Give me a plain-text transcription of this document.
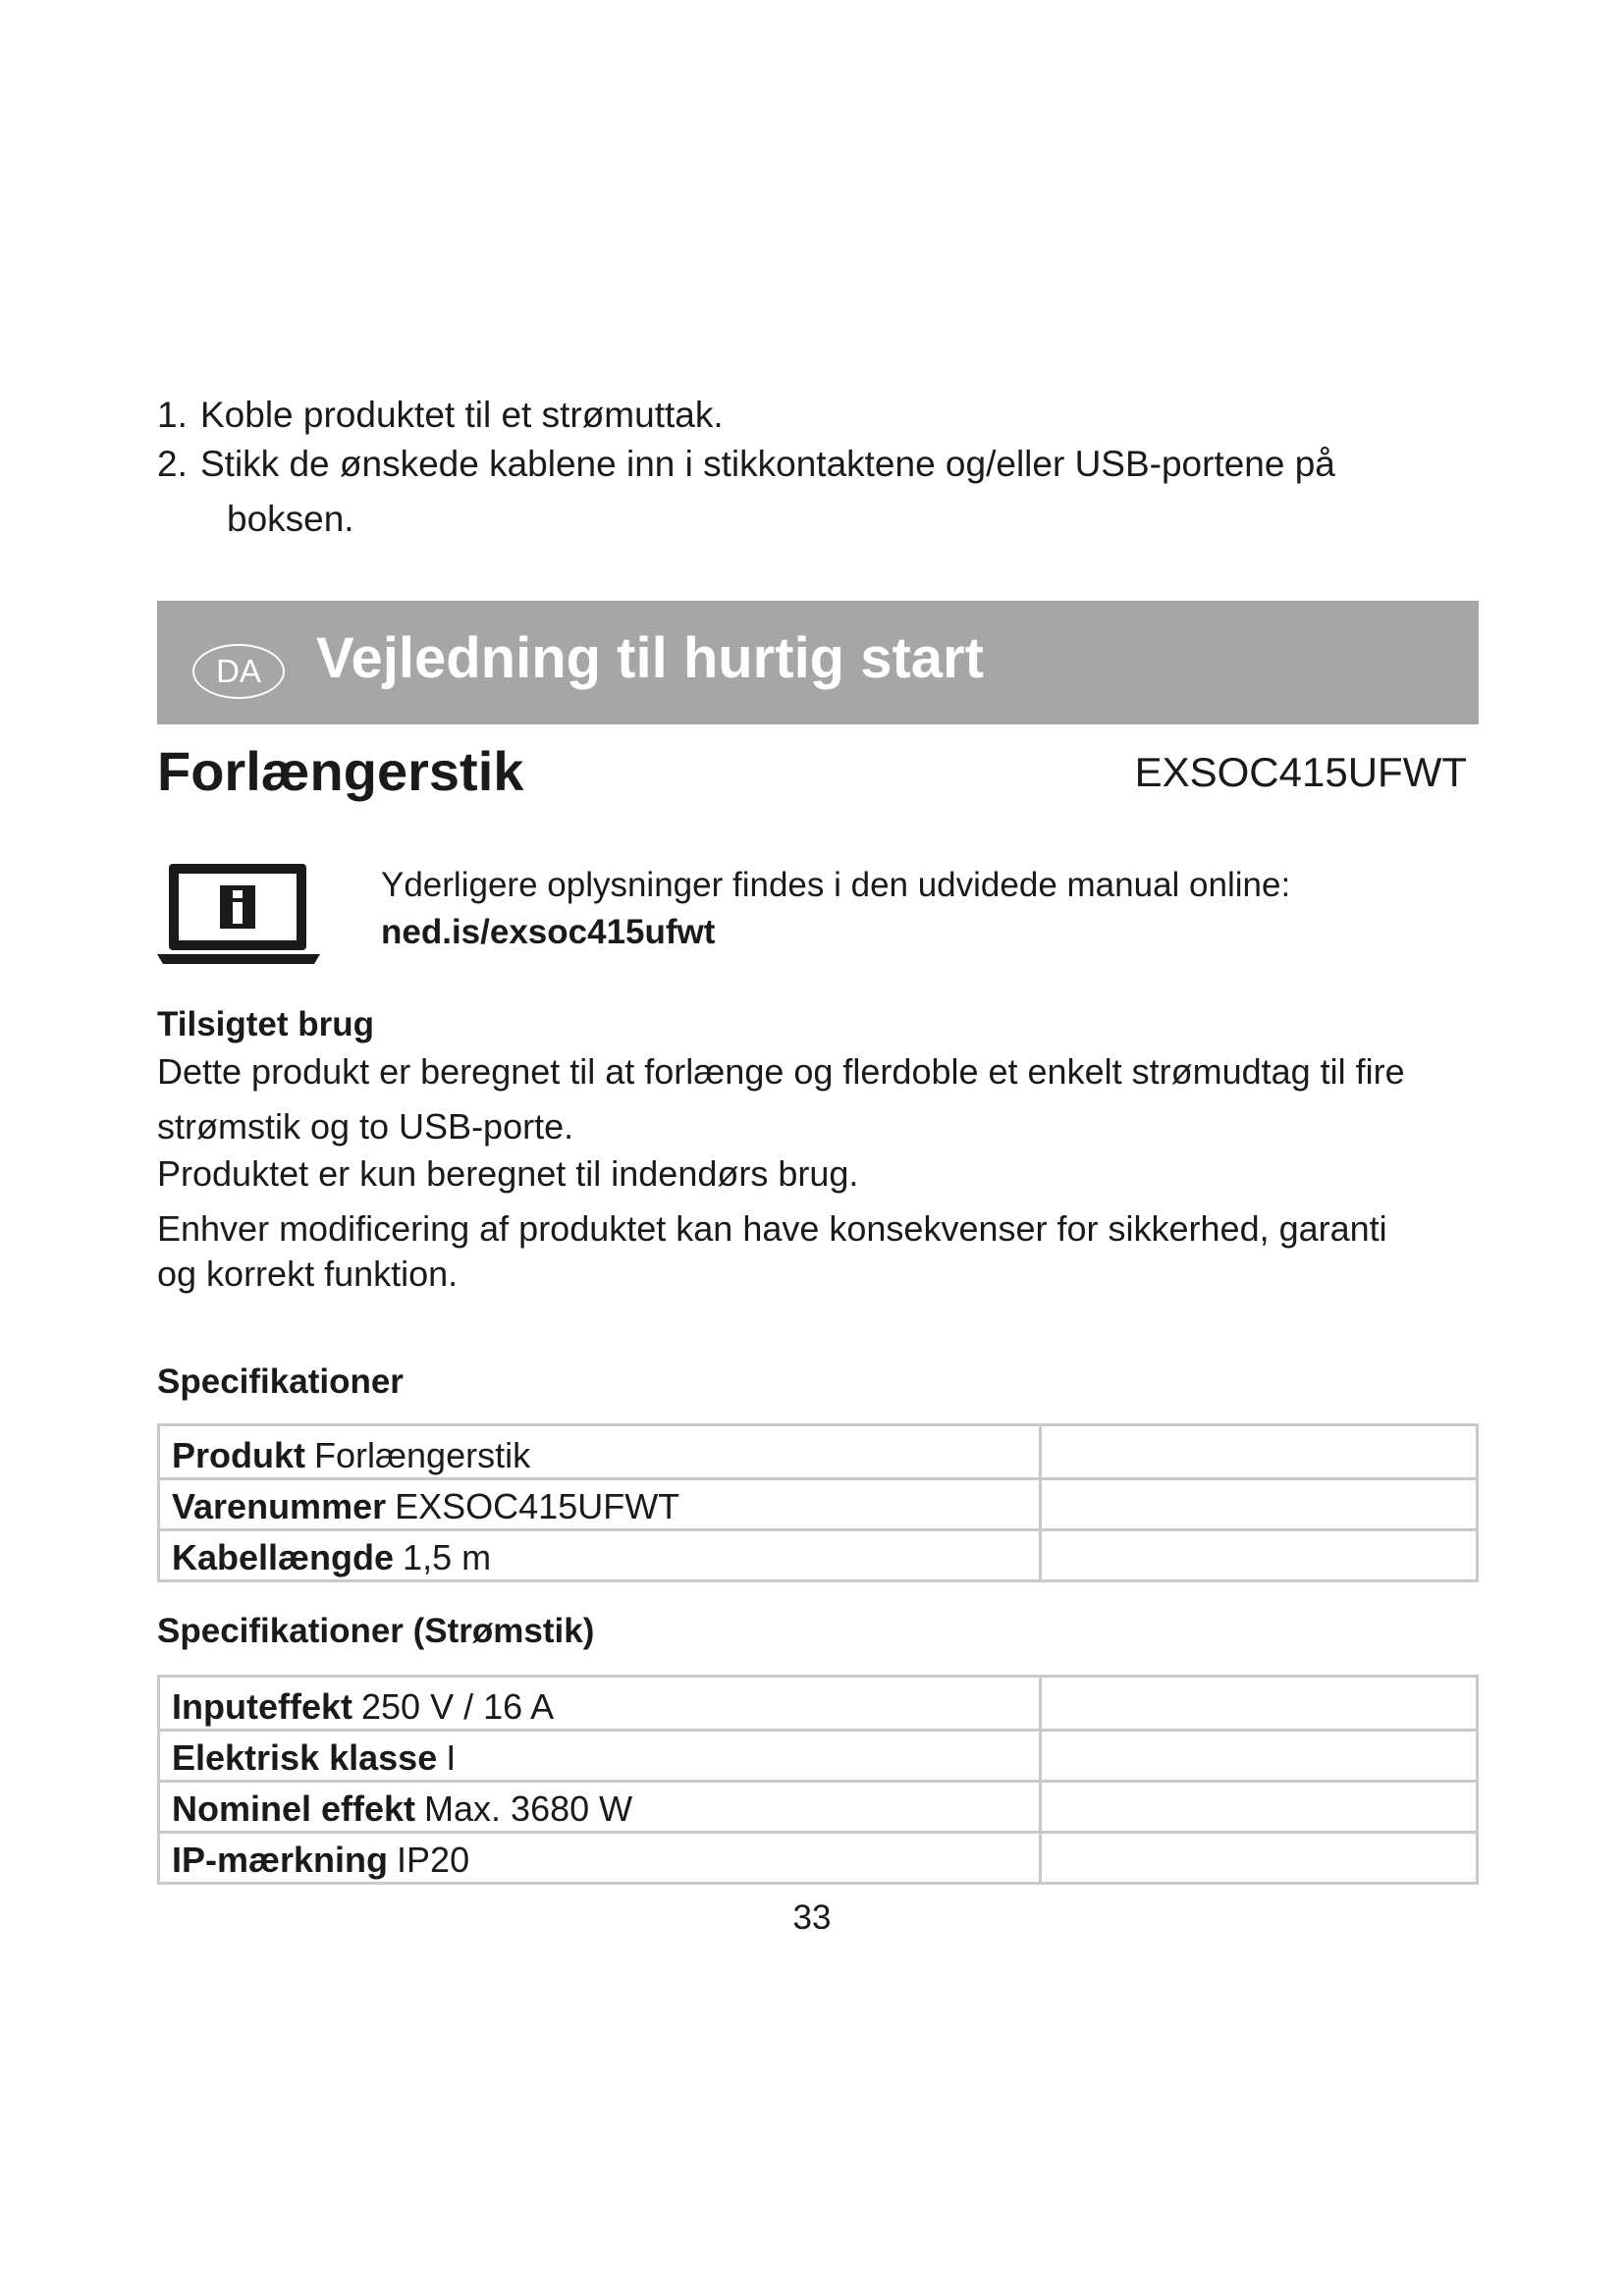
1. Koble produktet til et strømuttak.
2. Stikk de ønskede kablene inn i stikkontaktene og/eller USB-portene på
boksen.
DA Vejledning til hurtig start
Forlængerstik	EXSOC415UFWT
Yderligere oplysninger findes i den udvidede manual online:
ned.is/exsoc415ufwt
Tilsigtet brug
Dette produkt er beregnet til at forlænge og flerdoble et enkelt strømudtag til fire
strømstik og to USB-porte.
Produktet er kun beregnet til indendørs brug.
Enhver modificering af produktet kan have konsekvenser for sikkerhed, garanti
og korrekt funktion.
Specifikationer
Produkt Forlængerstik
Varenummer EXSOC415UFWT
Kabellængde 1,5 m
Specifikationer (Strømstik)
Inputeffekt 250 V / 16 A
Elektrisk klasse I
Nominel effekt Max. 3680 W
IP-mærkning IP20
33
